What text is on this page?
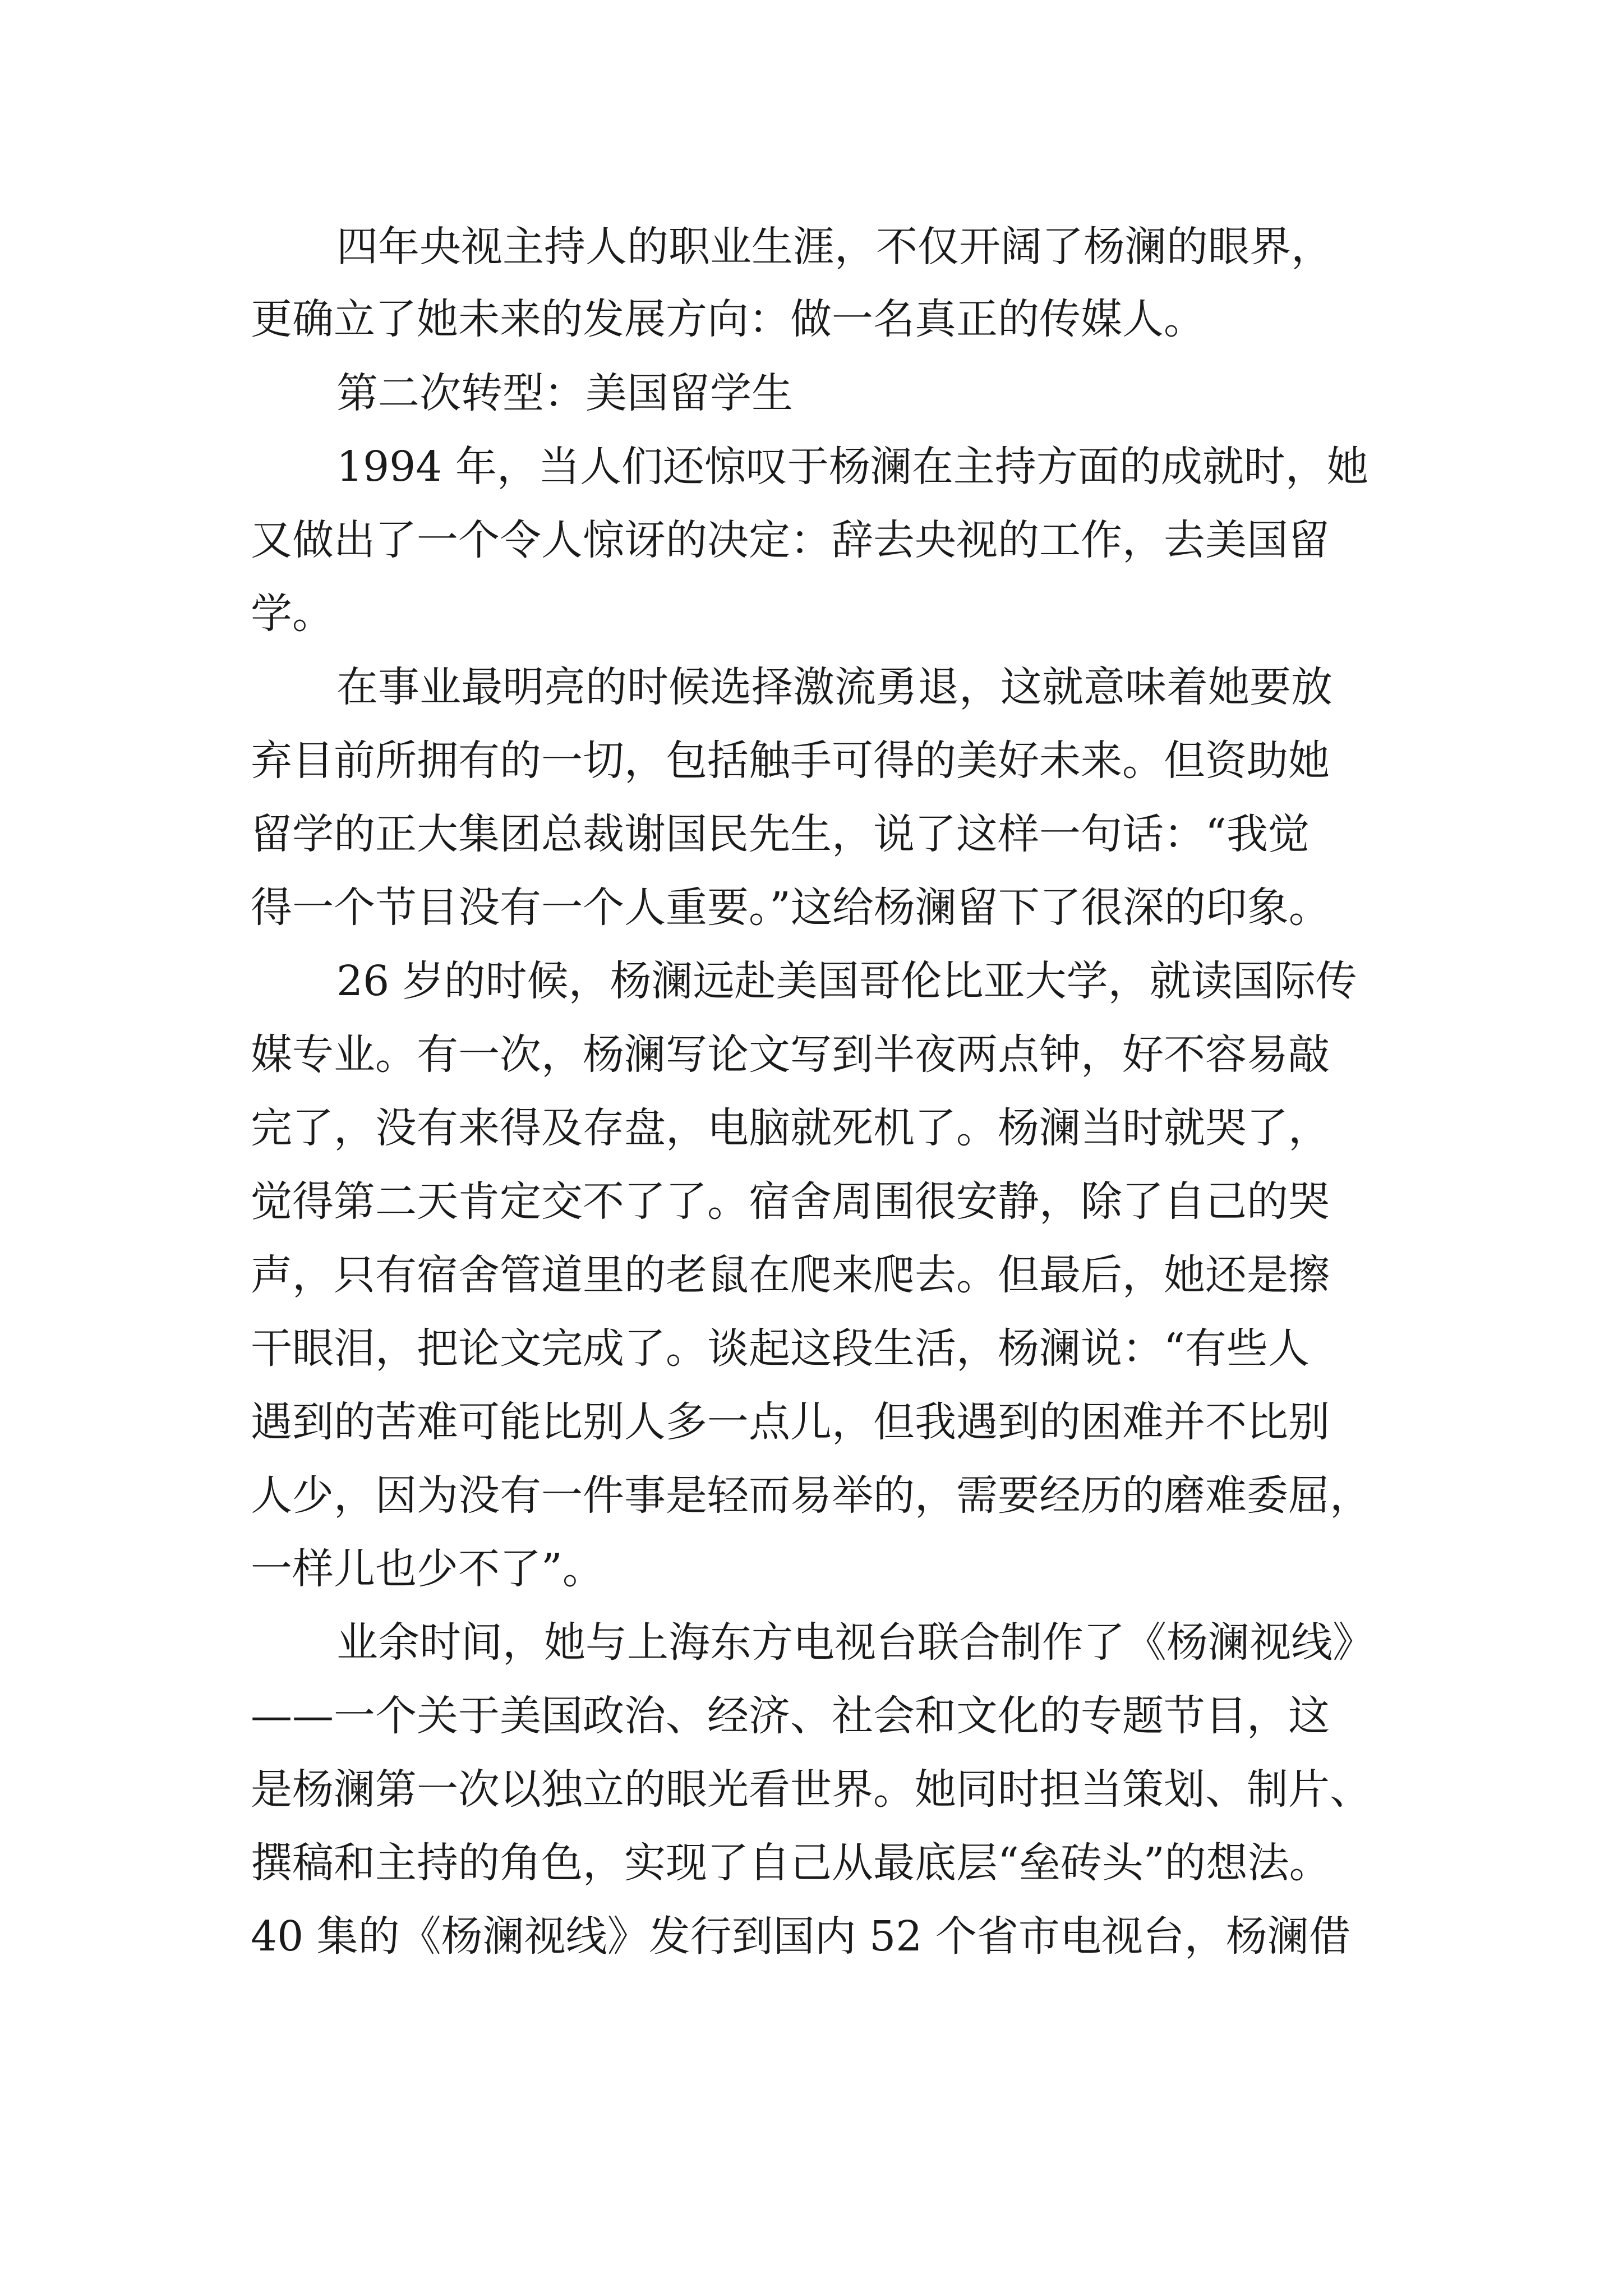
四年央视主持人的职业生涯，不仅开阔了杨澜的眼界，

更确立了她未来的发展方向：做一名真正的传媒人。

第二次转型：美国留学生

1994 年，当人们还惊叹于杨澜在主持方面的成就时，她

又做出了一个令人惊讶的决定：辞去央视的工作，去美国留

学。

在事业最明亮的时候选择激流勇退，这就意味着她要放

弃目前所拥有的一切，包括触手可得的美好未来。但资助她

留学的正大集团总裁谢国民先生，说了这样一句话：“我觉

得一个节目没有一个人重要。”这给杨澜留下了很深的印象。

26 岁的时候，杨澜远赴美国哥伦比亚大学，就读国际传

媒专业。有一次，杨澜写论文写到半夜两点钟，好不容易敲

完了，没有来得及存盘，电脑就死机了。杨澜当时就哭了，

觉得第二天肯定交不了了。宿舍周围很安静，除了自己的哭

声，只有宿舍管道里的老鼠在爬来爬去。但最后，她还是擦

干眼泪，把论文完成了。谈起这段生活，杨澜说：“有些人

遇到的苦难可能比别人多一点儿，但我遇到的困难并不比别

人少，因为没有一件事是轻而易举的，需要经历的磨难委屈，

一样儿也少不了”。

业余时间，她与上海东方电视台联合制作了《杨澜视线》

——一个关于美国政治、经济、社会和文化的专题节目，这

是杨澜第一次以独立的眼光看世界。她同时担当策划、制片、

撰稿和主持的角色，实现了自己从最底层“垒砖头”的想法。

40 集的《杨澜视线》发行到国内 52 个省市电视台，杨澜借
